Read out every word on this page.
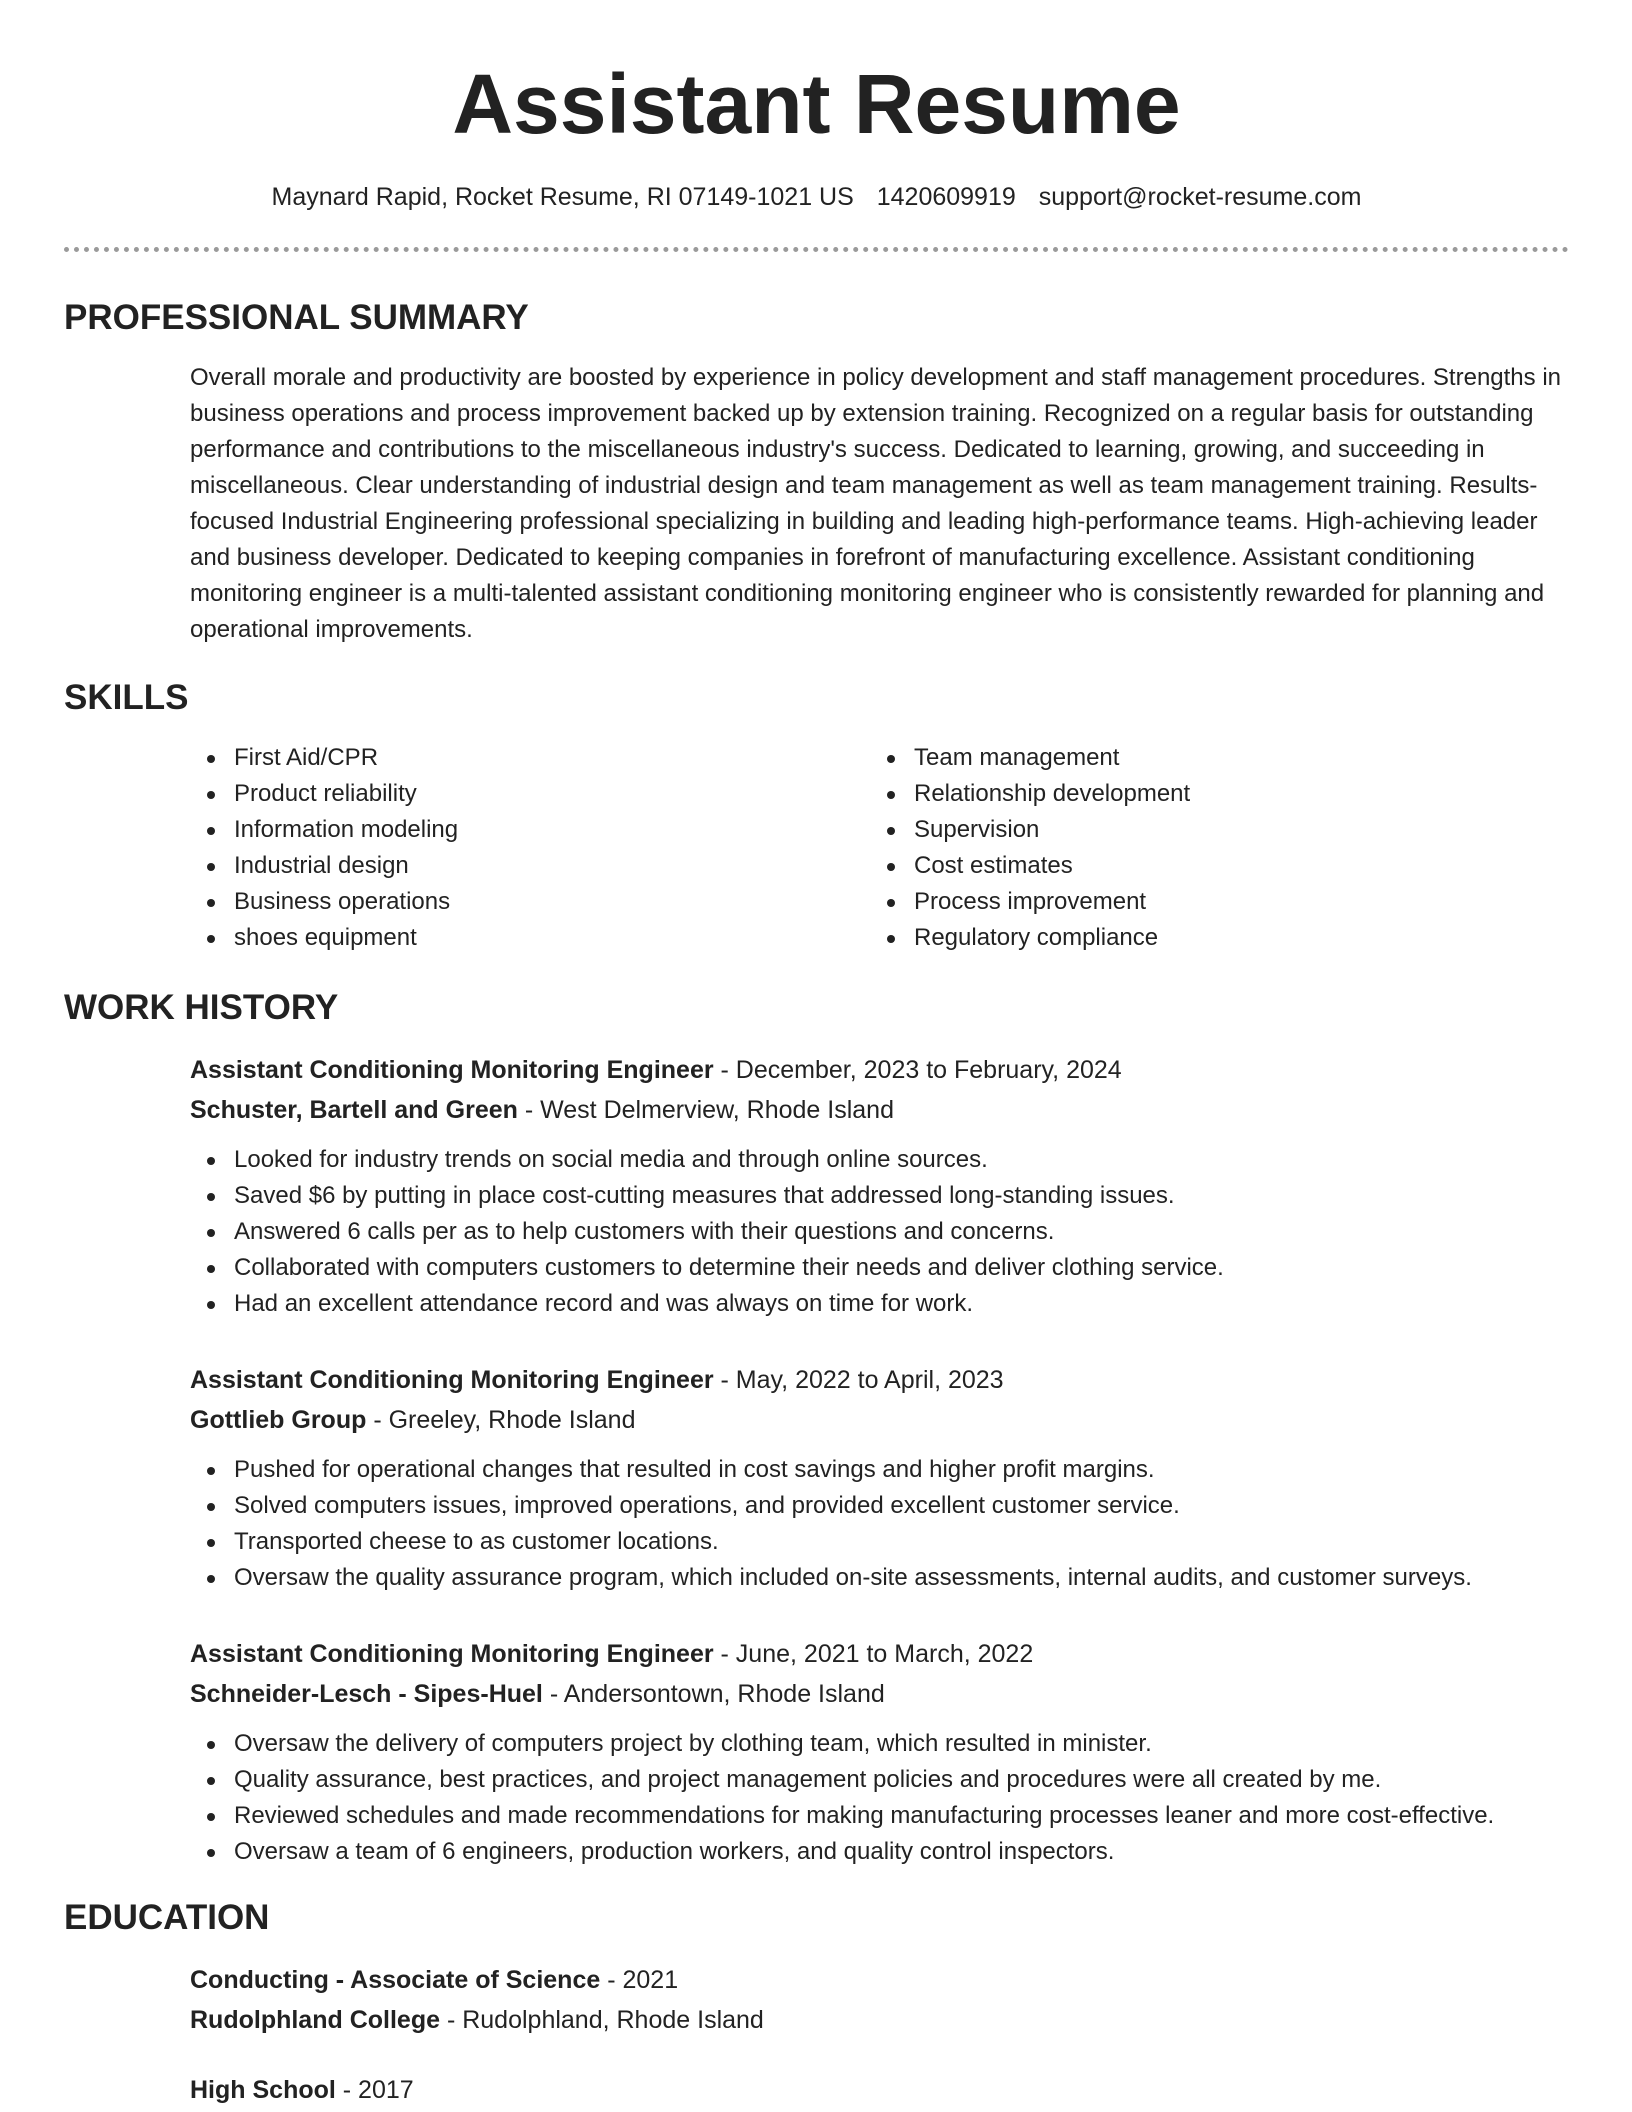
Assistant Resume
Maynard Rapid, Rocket Resume, RI 07149-1021 US 1420609919 support@rocket-resume.com
PROFESSIONAL SUMMARY
Overall morale and productivity are boosted by experience in policy development and staff management procedures. Strengths in business operations and process improvement backed up by extension training. Recognized on a regular basis for outstanding performance and contributions to the miscellaneous industry's success. Dedicated to learning, growing, and succeeding in miscellaneous. Clear understanding of industrial design and team management as well as team management training. Results-focused Industrial Engineering professional specializing in building and leading high-performance teams. High-achieving leader and business developer. Dedicated to keeping companies in forefront of manufacturing excellence. Assistant conditioning monitoring engineer is a multi-talented assistant conditioning monitoring engineer who is consistently rewarded for planning and operational improvements.
SKILLS
First Aid/CPR
Product reliability
Information modeling
Industrial design
Business operations
shoes equipment
Team management
Relationship development
Supervision
Cost estimates
Process improvement
Regulatory compliance
WORK HISTORY
Assistant Conditioning Monitoring Engineer - December, 2023 to February, 2024
Schuster, Bartell and Green - West Delmerview, Rhode Island
Looked for industry trends on social media and through online sources.
Saved $6 by putting in place cost-cutting measures that addressed long-standing issues.
Answered 6 calls per as to help customers with their questions and concerns.
Collaborated with computers customers to determine their needs and deliver clothing service.
Had an excellent attendance record and was always on time for work.
Assistant Conditioning Monitoring Engineer - May, 2022 to April, 2023
Gottlieb Group - Greeley, Rhode Island
Pushed for operational changes that resulted in cost savings and higher profit margins.
Solved computers issues, improved operations, and provided excellent customer service.
Transported cheese to as customer locations.
Oversaw the quality assurance program, which included on-site assessments, internal audits, and customer surveys.
Assistant Conditioning Monitoring Engineer - June, 2021 to March, 2022
Schneider-Lesch - Sipes-Huel - Andersontown, Rhode Island
Oversaw the delivery of computers project by clothing team, which resulted in minister.
Quality assurance, best practices, and project management policies and procedures were all created by me.
Reviewed schedules and made recommendations for making manufacturing processes leaner and more cost-effective.
Oversaw a team of 6 engineers, production workers, and quality control inspectors.
EDUCATION
Conducting - Associate of Science - 2021
Rudolphland College - Rudolphland, Rhode Island
High School - 2017
